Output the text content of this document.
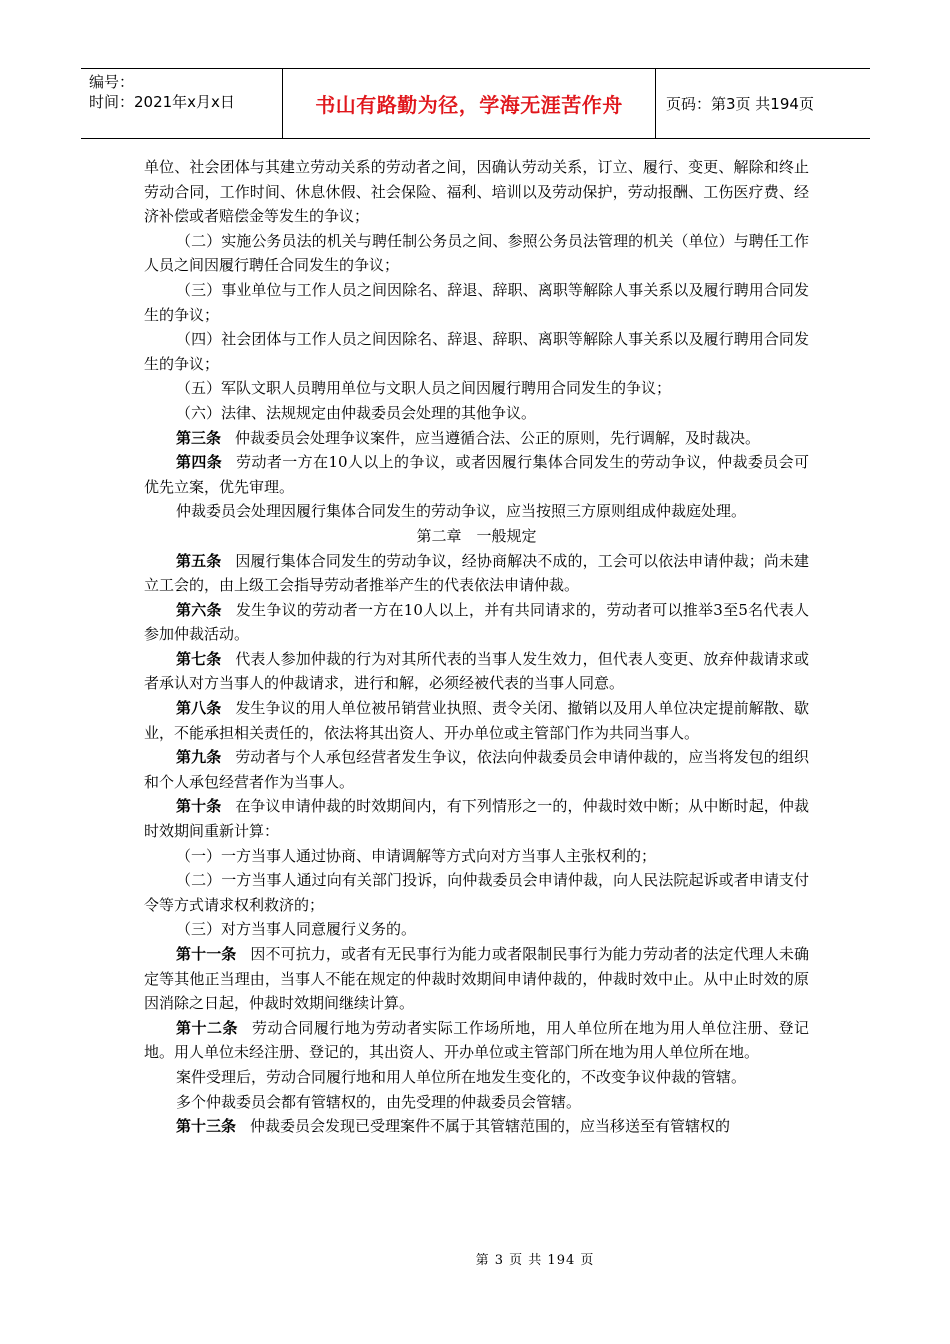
编号：
时间：2021年x月x日	书山有路勤为径，学海无涯苦作舟	页码：第3页 共194页

单位、社会团体与其建立劳动关系的劳动者之间，因确认劳动关系，订立、履行、变更、解除和终止劳动合同，工作时间、休息休假、社会保险、福利、培训以及劳动保护，劳动报酬、工伤医疗费、经济补偿或者赔偿金等发生的争议；

（二）实施公务员法的机关与聘任制公务员之间、参照公务员法管理的机关（单位）与聘任工作人员之间因履行聘任合同发生的争议；

（三）事业单位与工作人员之间因除名、辞退、辞职、离职等解除人事关系以及履行聘用合同发生的争议；

（四）社会团体与工作人员之间因除名、辞退、辞职、离职等解除人事关系以及履行聘用合同发生的争议；

（五）军队文职人员聘用单位与文职人员之间因履行聘用合同发生的争议；

（六）法律、法规规定由仲裁委员会处理的其他争议。

第三条 仲裁委员会处理争议案件，应当遵循合法、公正的原则，先行调解，及时裁决。

第四条 劳动者一方在10人以上的争议，或者因履行集体合同发生的劳动争议，仲裁委员会可优先立案，优先审理。

仲裁委员会处理因履行集体合同发生的劳动争议，应当按照三方原则组成仲裁庭处理。

第二章　一般规定

第五条 因履行集体合同发生的劳动争议，经协商解决不成的，工会可以依法申请仲裁；尚未建立工会的，由上级工会指导劳动者推举产生的代表依法申请仲裁。

第六条 发生争议的劳动者一方在10人以上，并有共同请求的，劳动者可以推举3至5名代表人参加仲裁活动。

第七条 代表人参加仲裁的行为对其所代表的当事人发生效力，但代表人变更、放弃仲裁请求或者承认对方当事人的仲裁请求，进行和解，必须经被代表的当事人同意。

第八条 发生争议的用人单位被吊销营业执照、责令关闭、撤销以及用人单位决定提前解散、歇业，不能承担相关责任的，依法将其出资人、开办单位或主管部门作为共同当事人。

第九条 劳动者与个人承包经营者发生争议，依法向仲裁委员会申请仲裁的，应当将发包的组织和个人承包经营者作为当事人。

第十条 在争议申请仲裁的时效期间内，有下列情形之一的，仲裁时效中断；从中断时起，仲裁时效期间重新计算：

（一）一方当事人通过协商、申请调解等方式向对方当事人主张权利的；

（二）一方当事人通过向有关部门投诉，向仲裁委员会申请仲裁，向人民法院起诉或者申请支付令等方式请求权利救济的；

（三）对方当事人同意履行义务的。

第十一条 因不可抗力，或者有无民事行为能力或者限制民事行为能力劳动者的法定代理人未确定等其他正当理由，当事人不能在规定的仲裁时效期间申请仲裁的，仲裁时效中止。从中止时效的原因消除之日起，仲裁时效期间继续计算。

第十二条 劳动合同履行地为劳动者实际工作场所地，用人单位所在地为用人单位注册、登记地。用人单位未经注册、登记的，其出资人、开办单位或主管部门所在地为用人单位所在地。

案件受理后，劳动合同履行地和用人单位所在地发生变化的，不改变争议仲裁的管辖。

多个仲裁委员会都有管辖权的，由先受理的仲裁委员会管辖。

第十三条 仲裁委员会发现已受理案件不属于其管辖范围的，应当移送至有管辖权的

第 3 页 共 194 页
